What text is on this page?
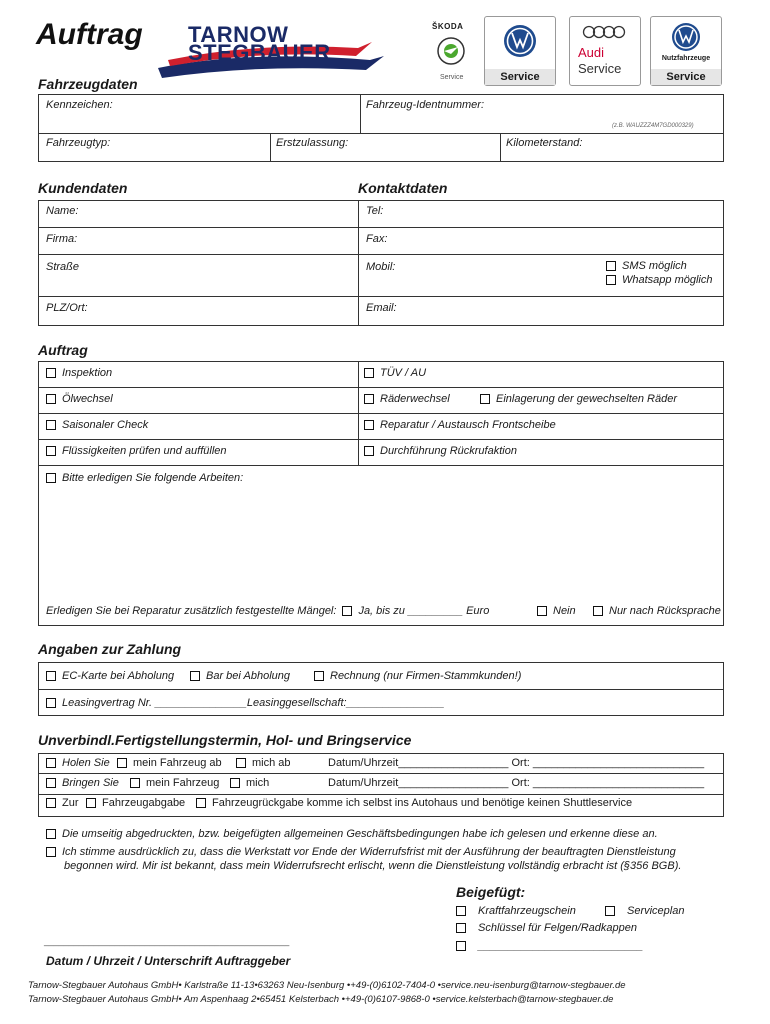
Auftrag TARNOW
STEGBAUER
ŠKODA
Service	Service
Audi
Service
Nutzfahrzeuge
Service
Fahrzeugdaten
Kennzeichen:	Fahrzeug-Identnummer:
(z.B. WAUZZZ4M7GD000329)
Fahrzeugtyp:	Erstzulassung:	Kilometerstand:
Kundendaten	Kontaktdaten
Name:	Tel:
Firma:	Fax:
Straße	Mobil:	SMS möglich
Whatsapp möglich
PLZ/Ort:	Email:
Auftrag
Inspektion	TÜV / AU
Ölwechsel	Räderwechsel	Einlagerung der gewechselten Räder
Saisonaler Check	Reparatur / Austausch Frontscheibe
Flüssigkeiten prüfen und auffüllen	Durchführung Rückrufaktion
Bitte erledigen Sie folgende Arbeiten:
Erledigen Sie bei Reparatur zusätzlich festgestellte Mängel: Ja, bis zu _________ Euro	Nein	Nur nach Rücksprache
Angaben zur Zahlung
EC-Karte bei Abholung	Bar bei Abholung	Rechnung (nur Firmen-Stammkunden!)
Leasingvertrag Nr. _______________Leasinggesellschaft:________________
Unverbindl.Fertigstellungstermin, Hol- und Bringservice
Holen Sie mein Fahrzeug ab	mich ab	Datum/Uhrzeit__________________ Ort: ____________________________
Bringen Sie mein Fahrzeug mich	Datum/Uhrzeit__________________ Ort: ____________________________
Zur Fahrzeugabgabe Fahrzeugrückgabe komme ich selbst ins Autohaus und benötige keinen Shuttleservice
Die umseitig abgedruckten, bzw. beigefügten allgemeinen Geschäftsbedingungen habe ich gelesen und erkenne diese an.
Ich stimme ausdrücklich zu, dass die Werkstatt vor Ende der Widerrufsfrist mit der Ausführung der beauftragten Dienstleistung
begonnen wird. Mir ist bekannt, dass mein Widerrufsrecht erlischt, wenn die Dienstleistung vollständig erbracht ist (§356 BGB).
Beigefügt:
Kraftfahrzeugschein	Serviceplan
Schlüssel für Felgen/Radkappen
___________________________
_________________________________________________
Datum / Uhrzeit / Unterschrift Auftraggeber
Tarnow-Stegbauer Autohaus GmbH• Karlstraße 11-13•63263 Neu-Isenburg •+49-(0)6102-7404-0 •service.neu-isenburg@tarnow-stegbauer.de
Tarnow-Stegbauer Autohaus GmbH• Am Aspenhaag 2•65451 Kelsterbach •+49-(0)6107-9868-0 •service.kelsterbach@tarnow-stegbauer.de
